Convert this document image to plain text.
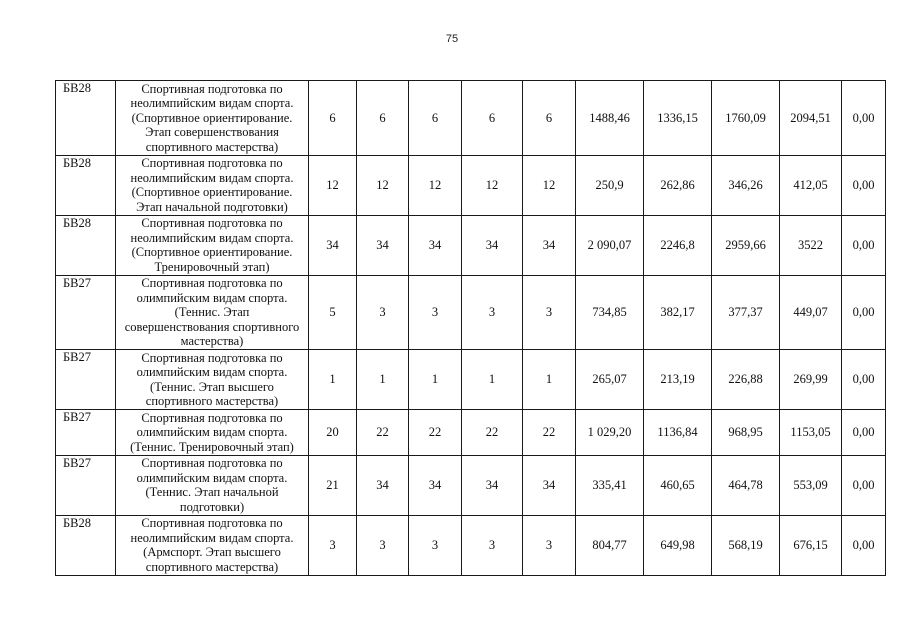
75
БВ28	Спортивная подготовка по
неолимпийским видам спорта.
(Спортивное ориентирование.
Этап совершенствования
спортивного мастерства)	6	6	6	6	6	1488,46	1336,15	1760,09	2094,51	0,00
БВ28	Спортивная подготовка по
неолимпийским видам спорта.
(Спортивное ориентирование.
Этап начальной подготовки)	12	12	12	12	12	250,9	262,86	346,26	412,05	0,00
БВ28	Спортивная подготовка по
неолимпийским видам спорта.
(Спортивное ориентирование.
Тренировочный этап)	34	34	34	34	34	2 090,07	2246,8	2959,66	3522	0,00
БВ27	Спортивная подготовка по
олимпийским видам спорта.
(Теннис. Этап
совершенствования спортивного
мастерства)	5	3	3	3	3	734,85	382,17	377,37	449,07	0,00
БВ27	Спортивная подготовка по
олимпийским видам спорта.
(Теннис. Этап высшего
спортивного мастерства)	1	1	1	1	1	265,07	213,19	226,88	269,99	0,00
БВ27	Спортивная подготовка по
олимпийским видам спорта.
(Теннис. Тренировочный этап)	20	22	22	22	22	1 029,20	1136,84	968,95	1153,05	0,00
БВ27	Спортивная подготовка по
олимпийским видам спорта.
(Теннис. Этап начальной
подготовки)	21	34	34	34	34	335,41	460,65	464,78	553,09	0,00
БВ28	Спортивная подготовка по
неолимпийским видам спорта.
(Армспорт. Этап высшего
спортивного мастерства)	3	3	3	3	3	804,77	649,98	568,19	676,15	0,00
